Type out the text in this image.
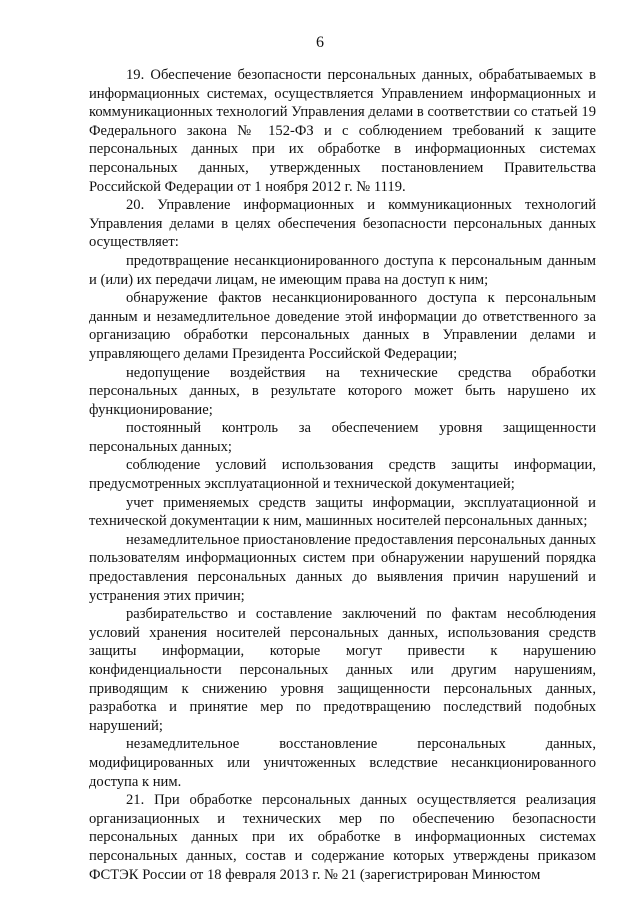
6

19. Обеспечение безопасности персональных данных, обрабатываемых в информационных системах, осуществляется Управлением информационных и коммуникационных технологий Управления делами в соответствии со статьей 19 Федерального закона № 152-ФЗ и с соблюдением требований к защите персональных данных при их обработке в информационных системах персональных данных, утвержденных постановлением Правительства Российской Федерации от 1 ноября 2012 г. № 1119.

20. Управление информационных и коммуникационных технологий Управления делами в целях обеспечения безопасности персональных данных осуществляет:

предотвращение несанкционированного доступа к персональным данным и (или) их передачи лицам, не имеющим права на доступ к ним;

обнаружение фактов несанкционированного доступа к персональным данным и незамедлительное доведение этой информации до ответственного за организацию обработки персональных данных в Управлении делами и управляющего делами Президента Российской Федерации;

недопущение воздействия на технические средства обработки персональных данных, в результате которого может быть нарушено их функционирование;

постоянный контроль за обеспечением уровня защищенности персональных данных;

соблюдение условий использования средств защиты информации, предусмотренных эксплуатационной и технической документацией;

учет применяемых средств защиты информации, эксплуатационной и технической документации к ним, машинных носителей персональных данных;

незамедлительное приостановление предоставления персональных данных пользователям информационных систем при обнаружении нарушений порядка предоставления персональных данных до выявления причин нарушений и устранения этих причин;

разбирательство и составление заключений по фактам несоблюдения условий хранения носителей персональных данных, использования средств защиты информации, которые могут привести к нарушению конфиденциальности персональных данных или другим нарушениям, приводящим к снижению уровня защищенности персональных данных, разработка и принятие мер по предотвращению последствий подобных нарушений;

незамедлительное восстановление персональных данных, модифицированных или уничтоженных вследствие несанкционированного доступа к ним.

21. При обработке персональных данных осуществляется реализация организационных и технических мер по обеспечению безопасности персональных данных при их обработке в информационных системах персональных данных, состав и содержание которых утверждены приказом ФСТЭК России от 18 февраля 2013 г. № 21 (зарегистрирован Минюстом
